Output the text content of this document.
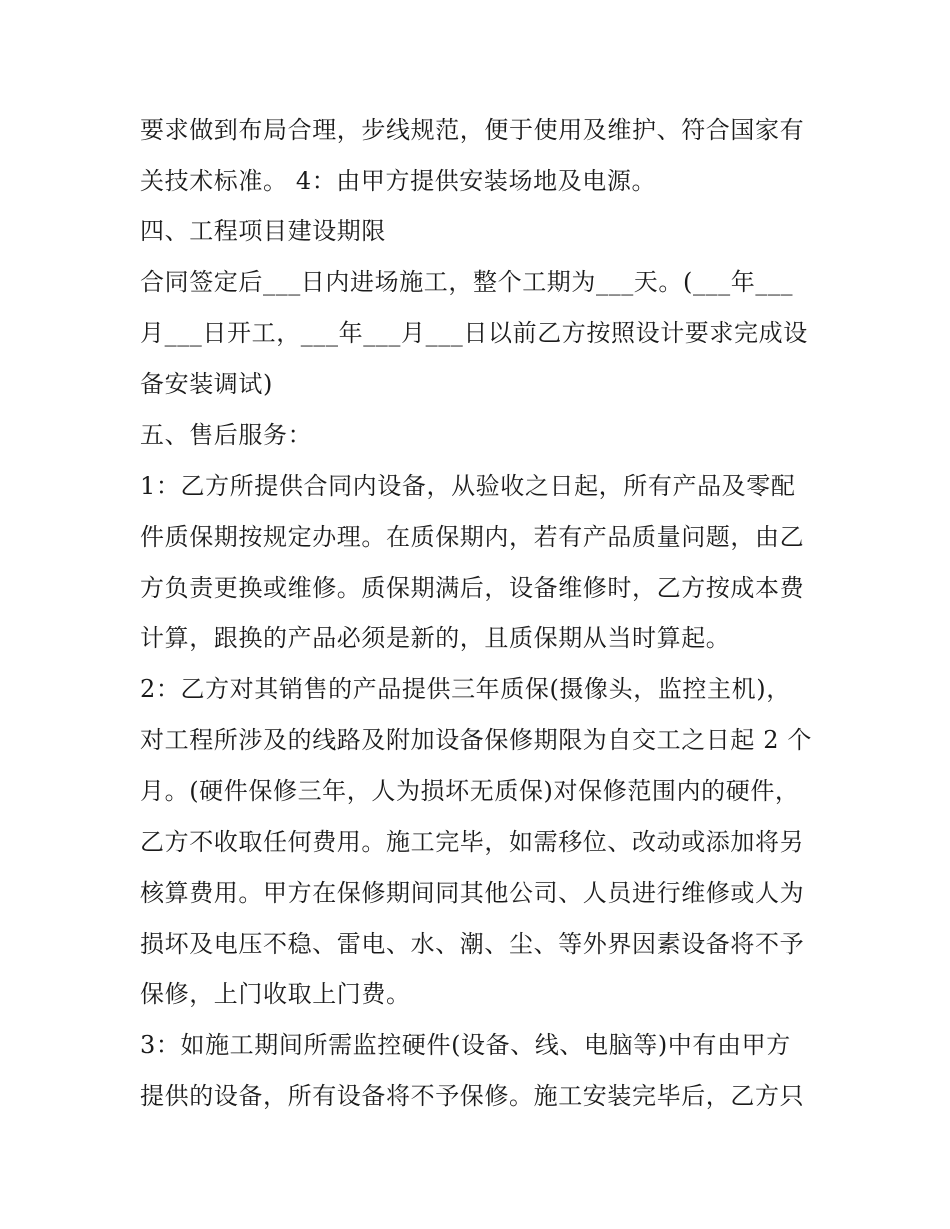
要求做到布局合理，步线规范，便于使用及维护、符合国家有
关技术标准。 4：由甲方提供安装场地及电源。
四、工程项目建设期限
合同签定后___日内进场施工，整个工期为___天。(___年___
月___日开工，___年___月___日以前乙方按照设计要求完成设
备安装调试)
五、售后服务：
1：乙方所提供合同内设备，从验收之日起，所有产品及零配
件质保期按规定办理。在质保期内，若有产品质量问题，由乙
方负责更换或维修。质保期满后，设备维修时，乙方按成本费
计算，跟换的产品必须是新的，且质保期从当时算起。
2：乙方对其销售的产品提供三年质保(摄像头，监控主机)，
对工程所涉及的线路及附加设备保修期限为自交工之日起 2 个
月。(硬件保修三年，人为损坏无质保)对保修范围内的硬件，
乙方不收取任何费用。施工完毕，如需移位、改动或添加将另
核算费用。甲方在保修期间同其他公司、人员进行维修或人为
损坏及电压不稳、雷电、水、潮、尘、等外界因素设备将不予
保修，上门收取上门费。
3：如施工期间所需监控硬件(设备、线、电脑等)中有由甲方
提供的设备，所有设备将不予保修。施工安装完毕后，乙方只
